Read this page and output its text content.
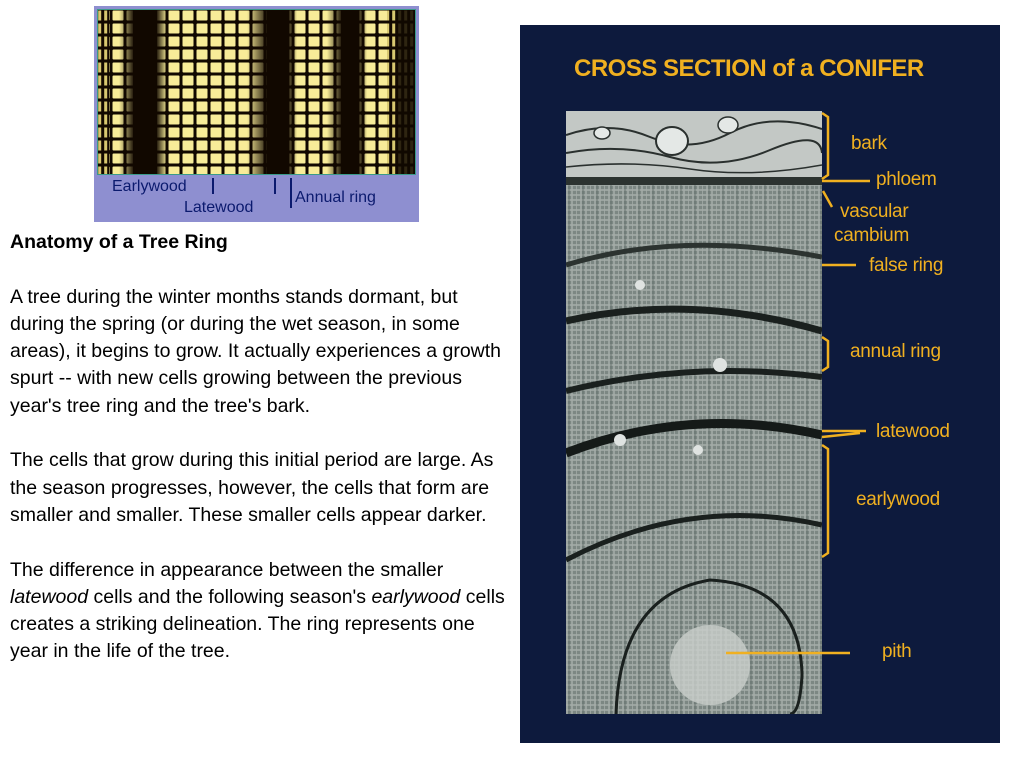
Earlywood
Latewood
Annual ring
Anatomy of a Tree Ring

A tree during the winter months stands dormant, but during the spring (or during the wet season, in some areas), it begins to grow. It actually experiences a growth spurt -- with new cells growing between the previous year's tree ring and the tree's bark.

The cells that grow during this initial period are large. As the season progresses, however, the cells that form are smaller and smaller. These smaller cells appear darker.

The difference in appearance between the smaller latewood cells and the following season's earlywood cells creates a striking delineation. The ring represents one year in the life of the tree.

CROSS SECTION of a CONIFER
bark
phloem
vascular
cambium
false ring
annual ring
latewood
earlywood
pith
